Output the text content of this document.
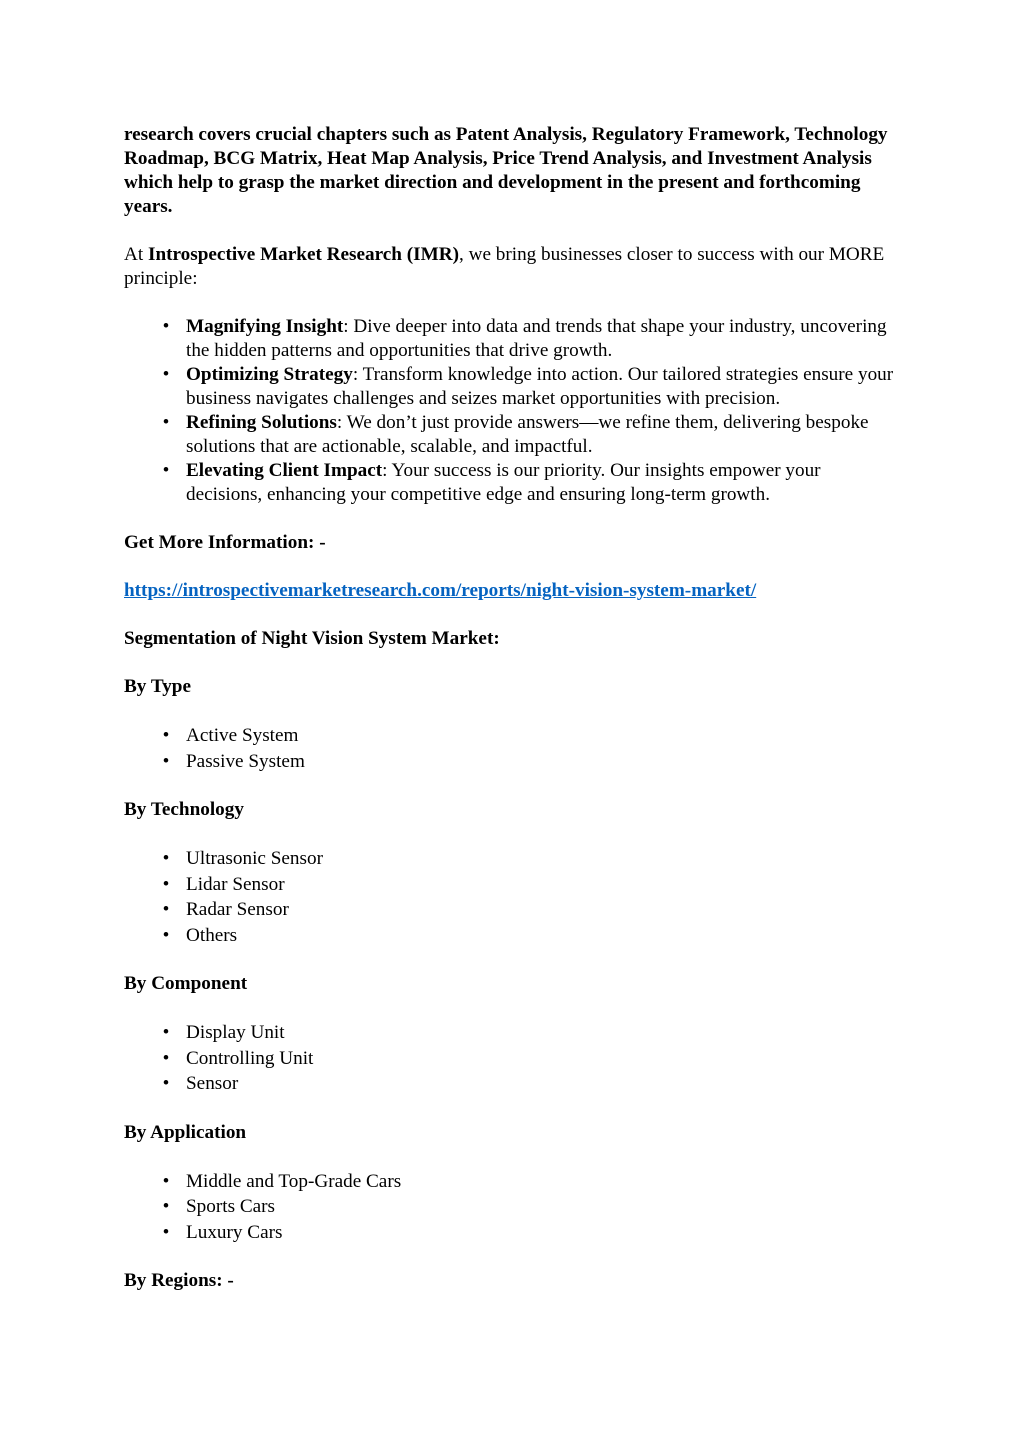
research covers crucial chapters such as Patent Analysis, Regulatory Framework, Technology Roadmap, BCG Matrix, Heat Map Analysis, Price Trend Analysis, and Investment Analysis which help to grasp the market direction and development in the present and forthcoming years.

At Introspective Market Research (IMR), we bring businesses closer to success with our MORE principle:

• Magnifying Insight: Dive deeper into data and trends that shape your industry, uncovering the hidden patterns and opportunities that drive growth.
• Optimizing Strategy: Transform knowledge into action. Our tailored strategies ensure your business navigates challenges and seizes market opportunities with precision.
• Refining Solutions: We don’t just provide answers—we refine them, delivering bespoke solutions that are actionable, scalable, and impactful.
• Elevating Client Impact: Your success is our priority. Our insights empower your decisions, enhancing your competitive edge and ensuring long-term growth.

Get More Information: -

https://introspectivemarketresearch.com/reports/night-vision-system-market/

Segmentation of Night Vision System Market:

By Type

• Active System
• Passive System

By Technology

• Ultrasonic Sensor
• Lidar Sensor
• Radar Sensor
• Others

By Component

• Display Unit
• Controlling Unit
• Sensor

By Application

• Middle and Top-Grade Cars
• Sports Cars
• Luxury Cars

By Regions: -
